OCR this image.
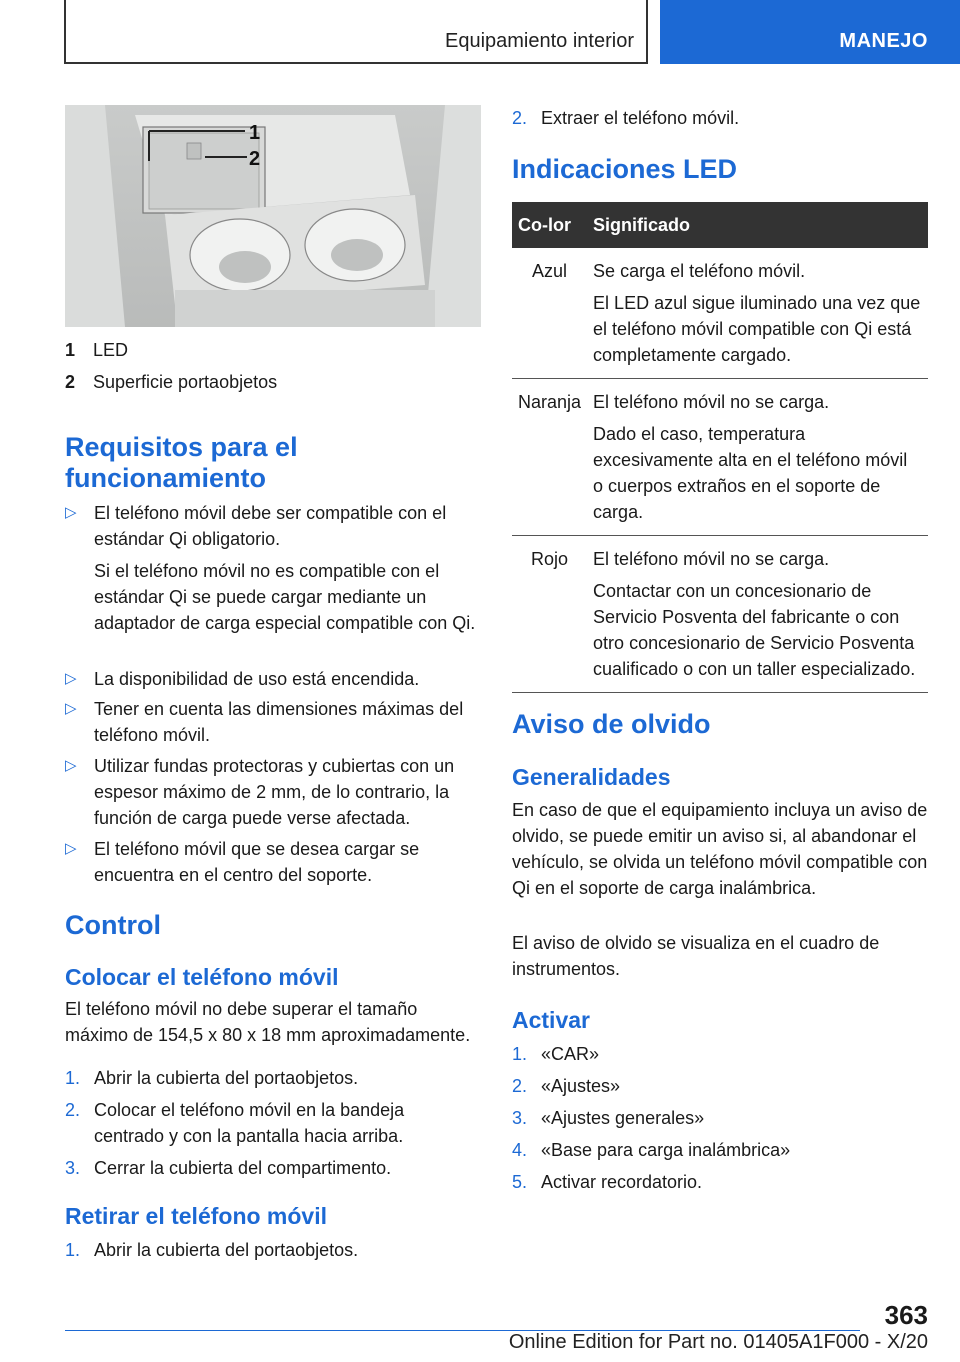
Equipamiento interior	MANEJO
1
2
1 LED
2 Superficie portaobjetos
Requisitos para el funcionamiento
▷ El teléfono móvil debe ser compatible con el estándar Qi obligatorio.
Si el teléfono móvil no es compatible con el estándar Qi se puede cargar mediante un adaptador de carga especial compatible con Qi.
▷ La disponibilidad de uso está encendida.
▷ Tener en cuenta las dimensiones máximas del teléfono móvil.
▷ Utilizar fundas protectoras y cubiertas con un espesor máximo de 2 mm, de lo contrario, la función de carga puede verse afectada.
▷ El teléfono móvil que se desea cargar se encuentra en el centro del soporte.
Control
Colocar el teléfono móvil
El teléfono móvil no debe superar el tamaño máximo de 154,5 x 80 x 18 mm aproximadamente.
1. Abrir la cubierta del portaobjetos.
2. Colocar el teléfono móvil en la bandeja centrado y con la pantalla hacia arriba.
3. Cerrar la cubierta del compartimento.
Retirar el teléfono móvil
1. Abrir la cubierta del portaobjetos.
2. Extraer el teléfono móvil.
Indicaciones LED
Co-lor	Significado
Azul	Se carga el teléfono móvil.

El LED azul sigue iluminado una vez que el teléfono móvil compatible con Qi está completamente cargado.

Naranja	El teléfono móvil no se carga.

Dado el caso, temperatura excesivamente alta en el teléfono móvil o cuerpos extraños en el soporte de carga.

Rojo	El teléfono móvil no se carga.

Contactar con un concesionario de Servicio Posventa del fabricante o con otro concesionario de Servicio Posventa cualificado o con un taller especializado.

Aviso de olvido
Generalidades
En caso de que el equipamiento incluya un aviso de olvido, se puede emitir un aviso si, al abandonar el vehículo, se olvida un teléfono móvil compatible con Qi en el soporte de carga inalámbrica.
El aviso de olvido se visualiza en el cuadro de instrumentos.
Activar
1. «CAR»
2. «Ajustes»
3. «Ajustes generales»
4. «Base para carga inalámbrica»
5. Activar recordatorio.
363
Online Edition for Part no. 01405A1F000 - X/20
